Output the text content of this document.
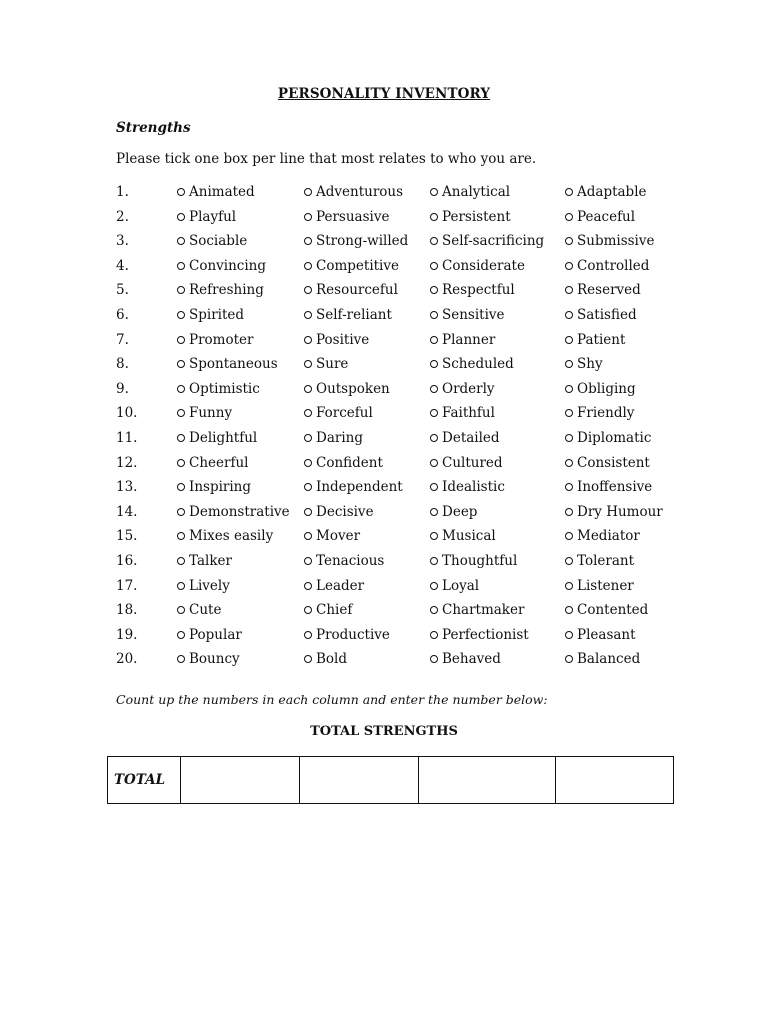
PERSONALITY INVENTORY
Strengths
Please tick one box per line that most relates to who you are.
1.	Animated	Adventurous	Analytical	Adaptable
2.	Playful	Persuasive	Persistent	Peaceful
3.	Sociable	Strong-willed	Self-sacrificing	Submissive
4.	Convincing	Competitive	Considerate	Controlled
5.	Refreshing	Resourceful	Respectful	Reserved
6.	Spirited	Self-reliant	Sensitive	Satisfied
7.	Promoter	Positive	Planner	Patient
8.	Spontaneous	Sure	Scheduled	Shy
9.	Optimistic	Outspoken	Orderly	Obliging
10.	Funny	Forceful	Faithful	Friendly
11.	Delightful	Daring	Detailed	Diplomatic
12.	Cheerful	Confident	Cultured	Consistent
13.	Inspiring	Independent	Idealistic	Inoffensive
14.	Demonstrative	Decisive	Deep	Dry Humour
15.	Mixes easily	Mover	Musical	Mediator
16.	Talker	Tenacious	Thoughtful	Tolerant
17.	Lively	Leader	Loyal	Listener
18.	Cute	Chief	Chartmaker	Contented
19.	Popular	Productive	Perfectionist	Pleasant
20.	Bouncy	Bold	Behaved	Balanced
Count up the numbers in each column and enter the number below:
TOTAL STRENGTHS
TOTAL				
